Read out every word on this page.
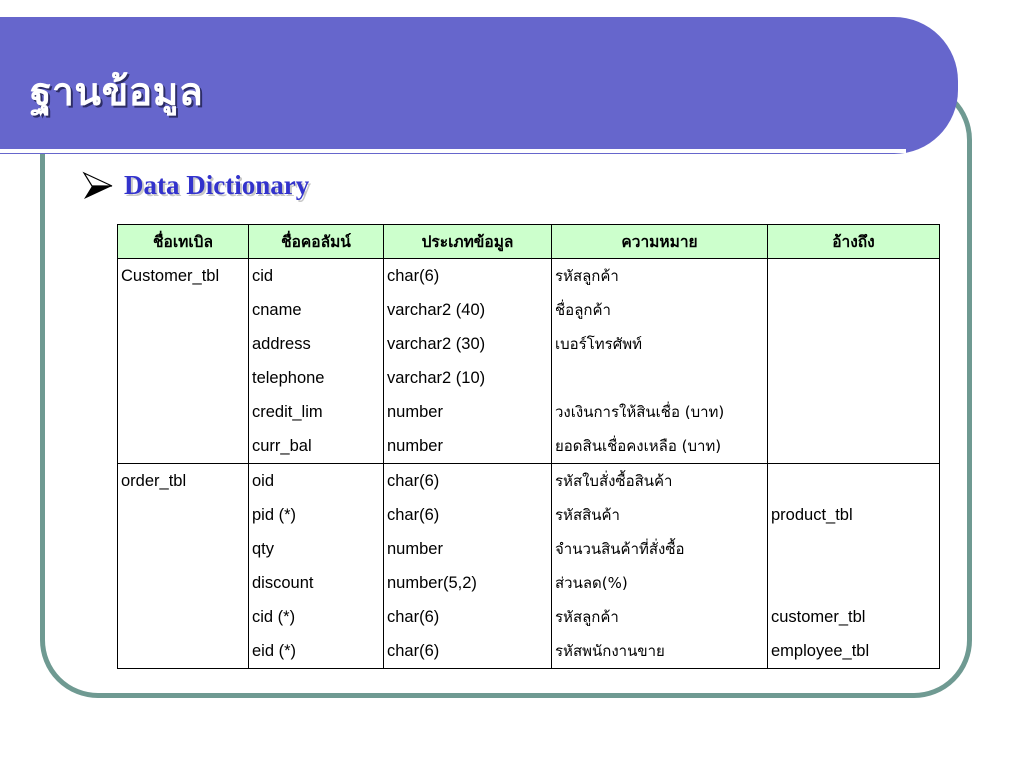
ฐานข้อมูล
Data Dictionary
ชื่อเทเบิล	ชื่อคอลัมน์	ประเภทข้อมูล	ความหมาย	อ้างถึง
Customer_tbl	cid	char(6)	รหัสลูกค้า	
	cname	varchar2 (40)	ชื่อลูกค้า	
	address	varchar2 (30)	เบอร์โทรศัพท์	
	telephone	varchar2 (10)		
	credit_lim	number	วงเงินการให้สินเชื่อ (บาท)	
	curr_bal	number	ยอดสินเชื่อคงเหลือ (บาท)	
order_tbl	oid	char(6)	รหัสใบสั่งซื้อสินค้า	
	pid (*)	char(6)	รหัสสินค้า	product_tbl
	qty	number	จำนวนสินค้าที่สั่งซื้อ	
	discount	number(5,2)	ส่วนลด(%)	
	cid (*)	char(6)	รหัสลูกค้า	customer_tbl
	eid (*)	char(6)	รหัสพนักงานขาย	employee_tbl
